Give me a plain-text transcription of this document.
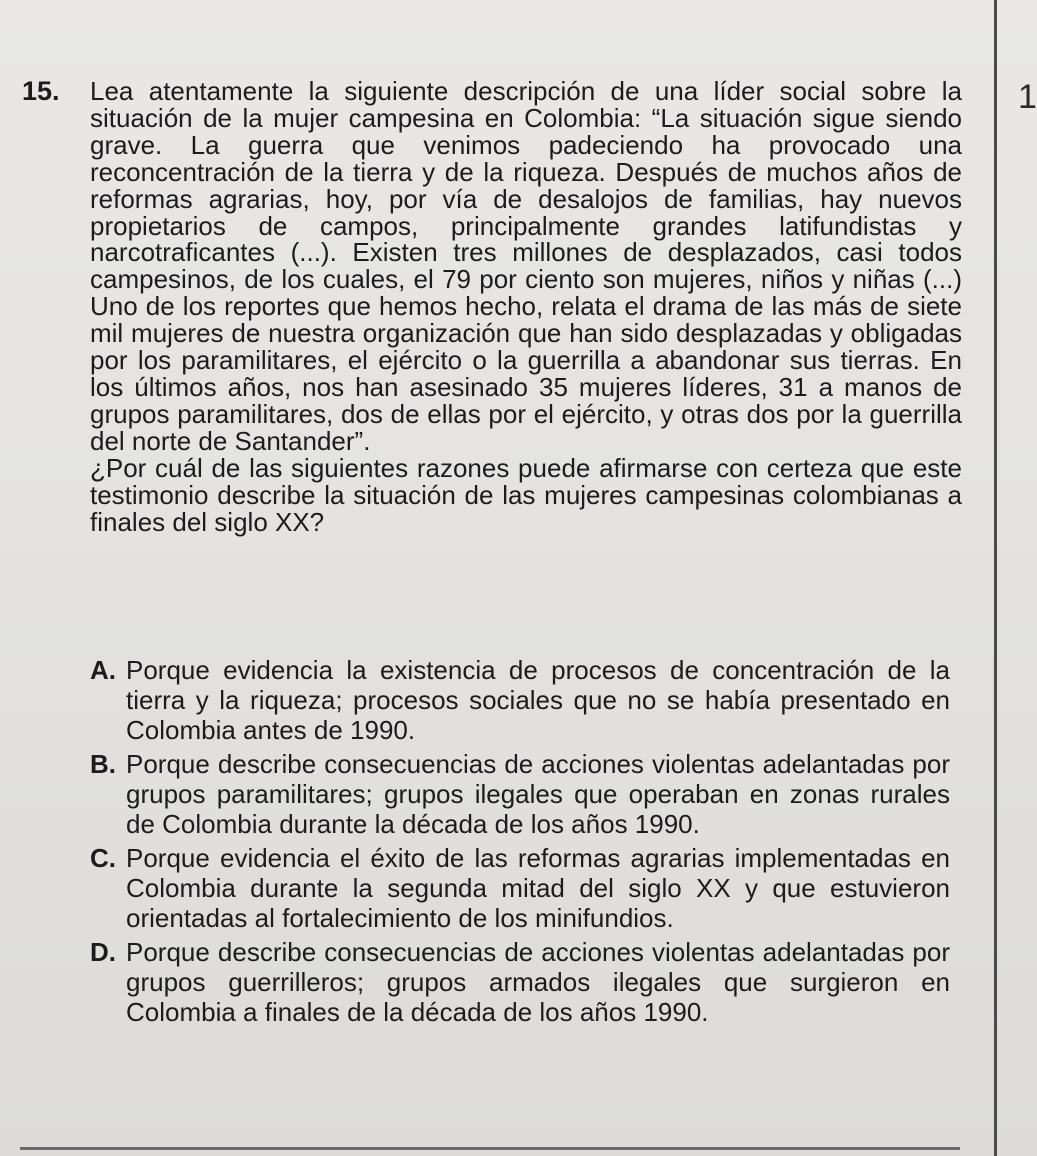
1
15. Lea atentamente la siguiente descripción de una líder social sobre la situación de la mujer campesina en Colombia: “La situación sigue siendo grave. La guerra que venimos padeciendo ha provocado una reconcentración de la tierra y de la riqueza. Después de muchos años de reformas agrarias, hoy, por vía de desalojos de familias, hay nuevos propietarios de campos, principalmente grandes latifundistas y narcotraficantes (...). Existen tres millones de desplazados, casi todos campesinos, de los cuales, el 79 por ciento son mujeres, niños y niñas (...) Uno de los reportes que hemos hecho, relata el drama de las más de siete mil mujeres de nuestra organización que han sido desplazadas y obligadas por los paramilitares, el ejército o la guerrilla a abandonar sus tierras. En los últimos años, nos han asesinado 35 mujeres líderes, 31 a manos de grupos paramilitares, dos de ellas por el ejército, y otras dos por la guerrilla del norte de Santander”.

¿Por cuál de las siguientes razones puede afirmarse con certeza que este testimonio describe la situación de las mujeres campesinas colombianas a finales del siglo XX?

A. Porque evidencia la existencia de procesos de concentración de la tierra y la riqueza; procesos sociales que no se había presentado en Colombia antes de 1990.
B. Porque describe consecuencias de acciones violentas adelantadas por grupos paramilitares; grupos ilegales que operaban en zonas rurales de Colombia durante la década de los años 1990.
C. Porque evidencia el éxito de las reformas agrarias implementadas en Colombia durante la segunda mitad del siglo XX y que estuvieron orientadas al fortalecimiento de los minifundios.
D. Porque describe consecuencias de acciones violentas adelantadas por grupos guerrilleros; grupos armados ilegales que surgieron en Colombia a finales de la década de los años 1990.
